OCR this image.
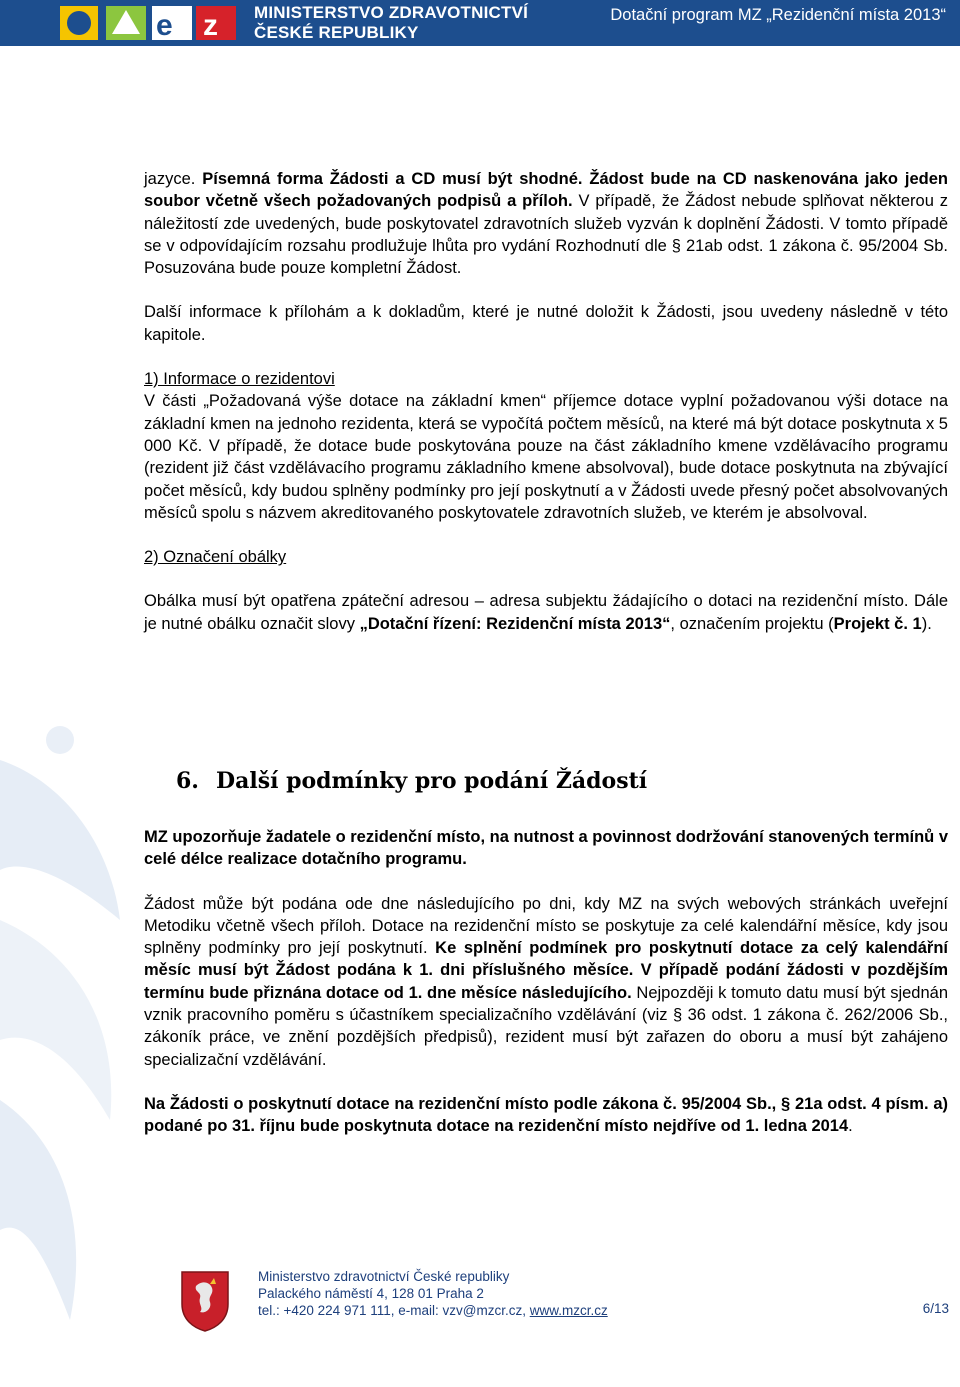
e z MINISTERSTVO ZDRAVOTNICTVÍ
ČESKÉ REPUBLIKY
Dotační program MZ „Rezidenční místa 2013“

jazyce. Písemná forma Žádosti a CD musí být shodné. Žádost bude na CD naskenována jako jeden soubor včetně všech požadovaných podpisů a příloh. V případě, že Žádost nebude splňovat některou z náležitostí zde uvedených, bude poskytovatel zdravotních služeb vyzván k doplnění Žádosti. V tomto případě se v odpovídajícím rozsahu prodlužuje lhůta pro vydání Rozhodnutí dle § 21ab odst. 1 zákona č. 95/2004 Sb. Posuzována bude pouze kompletní Žádost.

Další informace k přílohám a k dokladům, které je nutné doložit k Žádosti, jsou uvedeny následně v této kapitole.

1) Informace o rezidentovi

V části „Požadovaná výše dotace na základní kmen“ příjemce dotace vyplní požadovanou výši dotace na základní kmen na jednoho rezidenta, která se vypočítá počtem měsíců, na které má být dotace poskytnuta x 5 000 Kč. V případě, že dotace bude poskytována pouze na část základního kmene vzdělávacího programu (rezident již část vzdělávacího programu základního kmene absolvoval), bude dotace poskytnuta na zbývající počet měsíců, kdy budou splněny podmínky pro její poskytnutí a v Žádosti uvede přesný počet absolvovaných měsíců spolu s názvem akreditovaného poskytovatele zdravotních služeb, ve kterém je absolvoval.

2) Označení obálky

Obálka musí být opatřena zpáteční adresou – adresa subjektu žádajícího o dotaci na rezidenční místo. Dále je nutné obálku označit slovy „Dotační řízení: Rezidenční místa 2013“, označením projektu (Projekt č. 1).

6. Další podmínky pro podání Žádostí

MZ upozorňuje žadatele o rezidenční místo, na nutnost a povinnost dodržování stanovených termínů v celé délce realizace dotačního programu.

Žádost může být podána ode dne následujícího po dni, kdy MZ na svých webových stránkách uveřejní Metodiku včetně všech příloh. Dotace na rezidenční místo se poskytuje za celé kalendářní měsíce, kdy jsou splněny podmínky pro její poskytnutí. Ke splnění podmínek pro poskytnutí dotace za celý kalendářní měsíc musí být Žádost podána k 1. dni příslušného měsíce. V případě podání žádosti v pozdějším termínu bude přiznána dotace od 1. dne měsíce následujícího. Nejpozději k tomuto datu musí být sjednán vznik pracovního poměru s účastníkem specializačního vzdělávání (viz § 36 odst. 1 zákona č. 262/2006 Sb., zákoník práce, ve znění pozdějších předpisů), rezident musí být zařazen do oboru a musí být zahájeno specializační vzdělávání.

Na Žádosti o poskytnutí dotace na rezidenční místo podle zákona č. 95/2004 Sb., § 21a odst. 4 písm. a) podané po 31. říjnu bude poskytnuta dotace na rezidenční místo nejdříve od 1. ledna 2014.

Ministerstvo zdravotnictví České republiky
Palackého náměstí 4, 128 01 Praha 2
tel.: +420 224 971 111, e-mail: vzv@mzcr.cz, www.mzcr.cz	6/13
